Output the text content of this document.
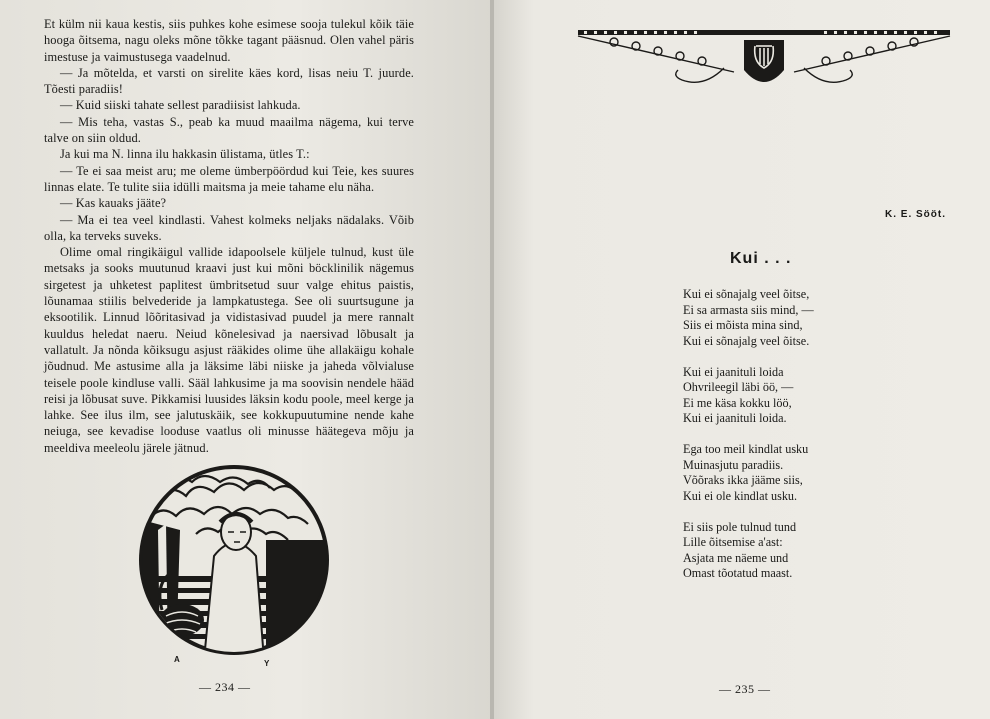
Et külm nii kaua kestis, siis puhkes kohe esimese sooja tulekul kõik täie hooga õitsema, nagu oleks mõne tõkke tagant pääsnud. Olen vahel päris imestuse ja vaimustusega vaadelnud.

— Ja mõtelda, et varsti on sirelite käes kord, lisas neiu T. juurde. Tõesti paradiis!

— Kuid siiski tahate sellest paradiisist lahkuda.

— Mis teha, vastas S., peab ka muud maailma nägema, kui terve talve on siin oldud.

Ja kui ma N. linna ilu hakkasin ülistama, ütles T.:

— Te ei saa meist aru; me oleme ümberpöördud kui Teie, kes suures linnas elate. Te tulite siia idülli maitsma ja meie tahame elu näha.

— Kas kauaks jääte?

— Ma ei tea veel kindlasti. Vahest kolmeks neljaks nädalaks. Võib olla, ka terveks suveks.

Olime omal ringikäigul vallide idapoolsele küljele tulnud, kust üle metsaks ja sooks muutunud kraavi just kui mõni böcklinilik nägemus sirgetest ja uhketest paplitest ümbritsetud suur valge ehitus paistis, lõunamaa stiilis belvederide ja lampkatustega. See oli suurtsugune ja eksootilik. Linnud lõõritasivad ja vidistasivad puudel ja mere rannalt kuuldus heledat naeru. Neiud kõnelesivad ja naersivad lõbusalt ja vallatult. Ja nõnda kõiksugu asjust rääkides olime ühe allakäigu kohale jõudnud. Me astusime alla ja läksime läbi niiske ja jaheda võlvialuse teisele poole kindluse valli. Sääl lahkusime ja ma soovisin nendele hääd reisi ja lõbusat suve. Pikkamisi luusides läksin kodu poole, meel kerge ja lahke. See ilus ilm, see jalutuskäik, see kokkupuutumine nende kahe neiuga, see kevadise looduse vaatlus oli minusse häätegeva mõju ja meeldiva meeleolu järele jätnud.

A	Y
— 234 —
K. E. Sööt.
Kui . . .
Kui ei sõnajalg veel õitse,
Ei sa armasta siis mind, —
Siis ei mõista mina sind,
Kui ei sõnajalg veel õitse.
Kui ei jaanituli loida
Ohvrileegil läbi öö, —
Ei me käsa kokku löö,
Kui ei jaanituli loida.
Ega too meil kindlat usku
Muinasjutu paradiis.
Võõraks ikka jääme siis,
Kui ei ole kindlat usku.
Ei siis pole tulnud tund
Lille õitsemise a'ast:
Asjata me näeme und
Omast tõotatud maast.
— 235 —
